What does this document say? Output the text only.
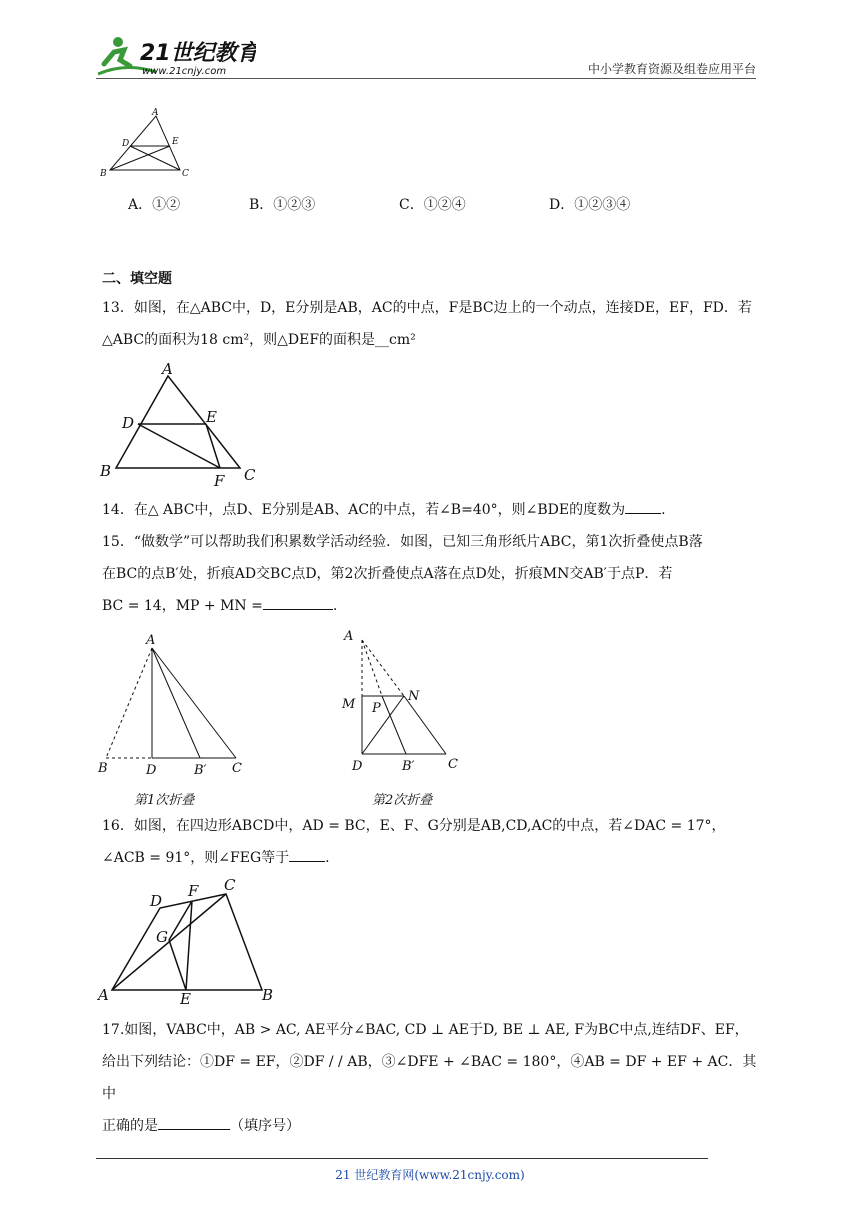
21世纪教育
www.21cnjy.com	中小学教育资源及组卷应用平台
A
D	E
B	C
A．①②	B．①②③	C．①②④	D．①②③④
二、填空题
13．如图，在△ABC中，D，E分别是AB，AC的中点，F是BC边上的一个动点，连接DE，EF，FD．若
△ABC的面积为18 cm²，则△DEF的面积是__cm²
A
D	E
B
F C
14．在△ ABC中，点D、E分别是AB、AC的中点，若∠B=40°，则∠BDE的度数为	.
15．“做数学”可以帮助我们积累数学活动经验．如图，已知三角形纸片ABC，第1次折叠使点B落
在BC的点B′处，折痕AD交BC点D，第2次折叠使点A落在点D处，折痕MN交AB′于点P．若
BC = 14，MP + MN =	.
A
B	D	B′ C
第1次折叠
A
M P
N
D	B′	C
第2次折叠
16．如图，在四边形ABCD中，AD = BC，E、F、G分别是AB,CD,AC的中点，若∠DAC = 17°，
∠ACB = 91°，则∠FEG等于	.
D
F C
G
A	E	B
17.如图，VABC中，AB > AC, AE平分∠BAC, CD ⊥ AE于D, BE ⊥ AE, F为BC中点,连结DF、EF，
给出下列结论：①DF = EF，②DF / / AB，③∠DFE + ∠BAC = 180°，④AB = DF + EF + AC．其中
正确的是	（填序号）
21 世纪教育网(www.21cnjy.com)
